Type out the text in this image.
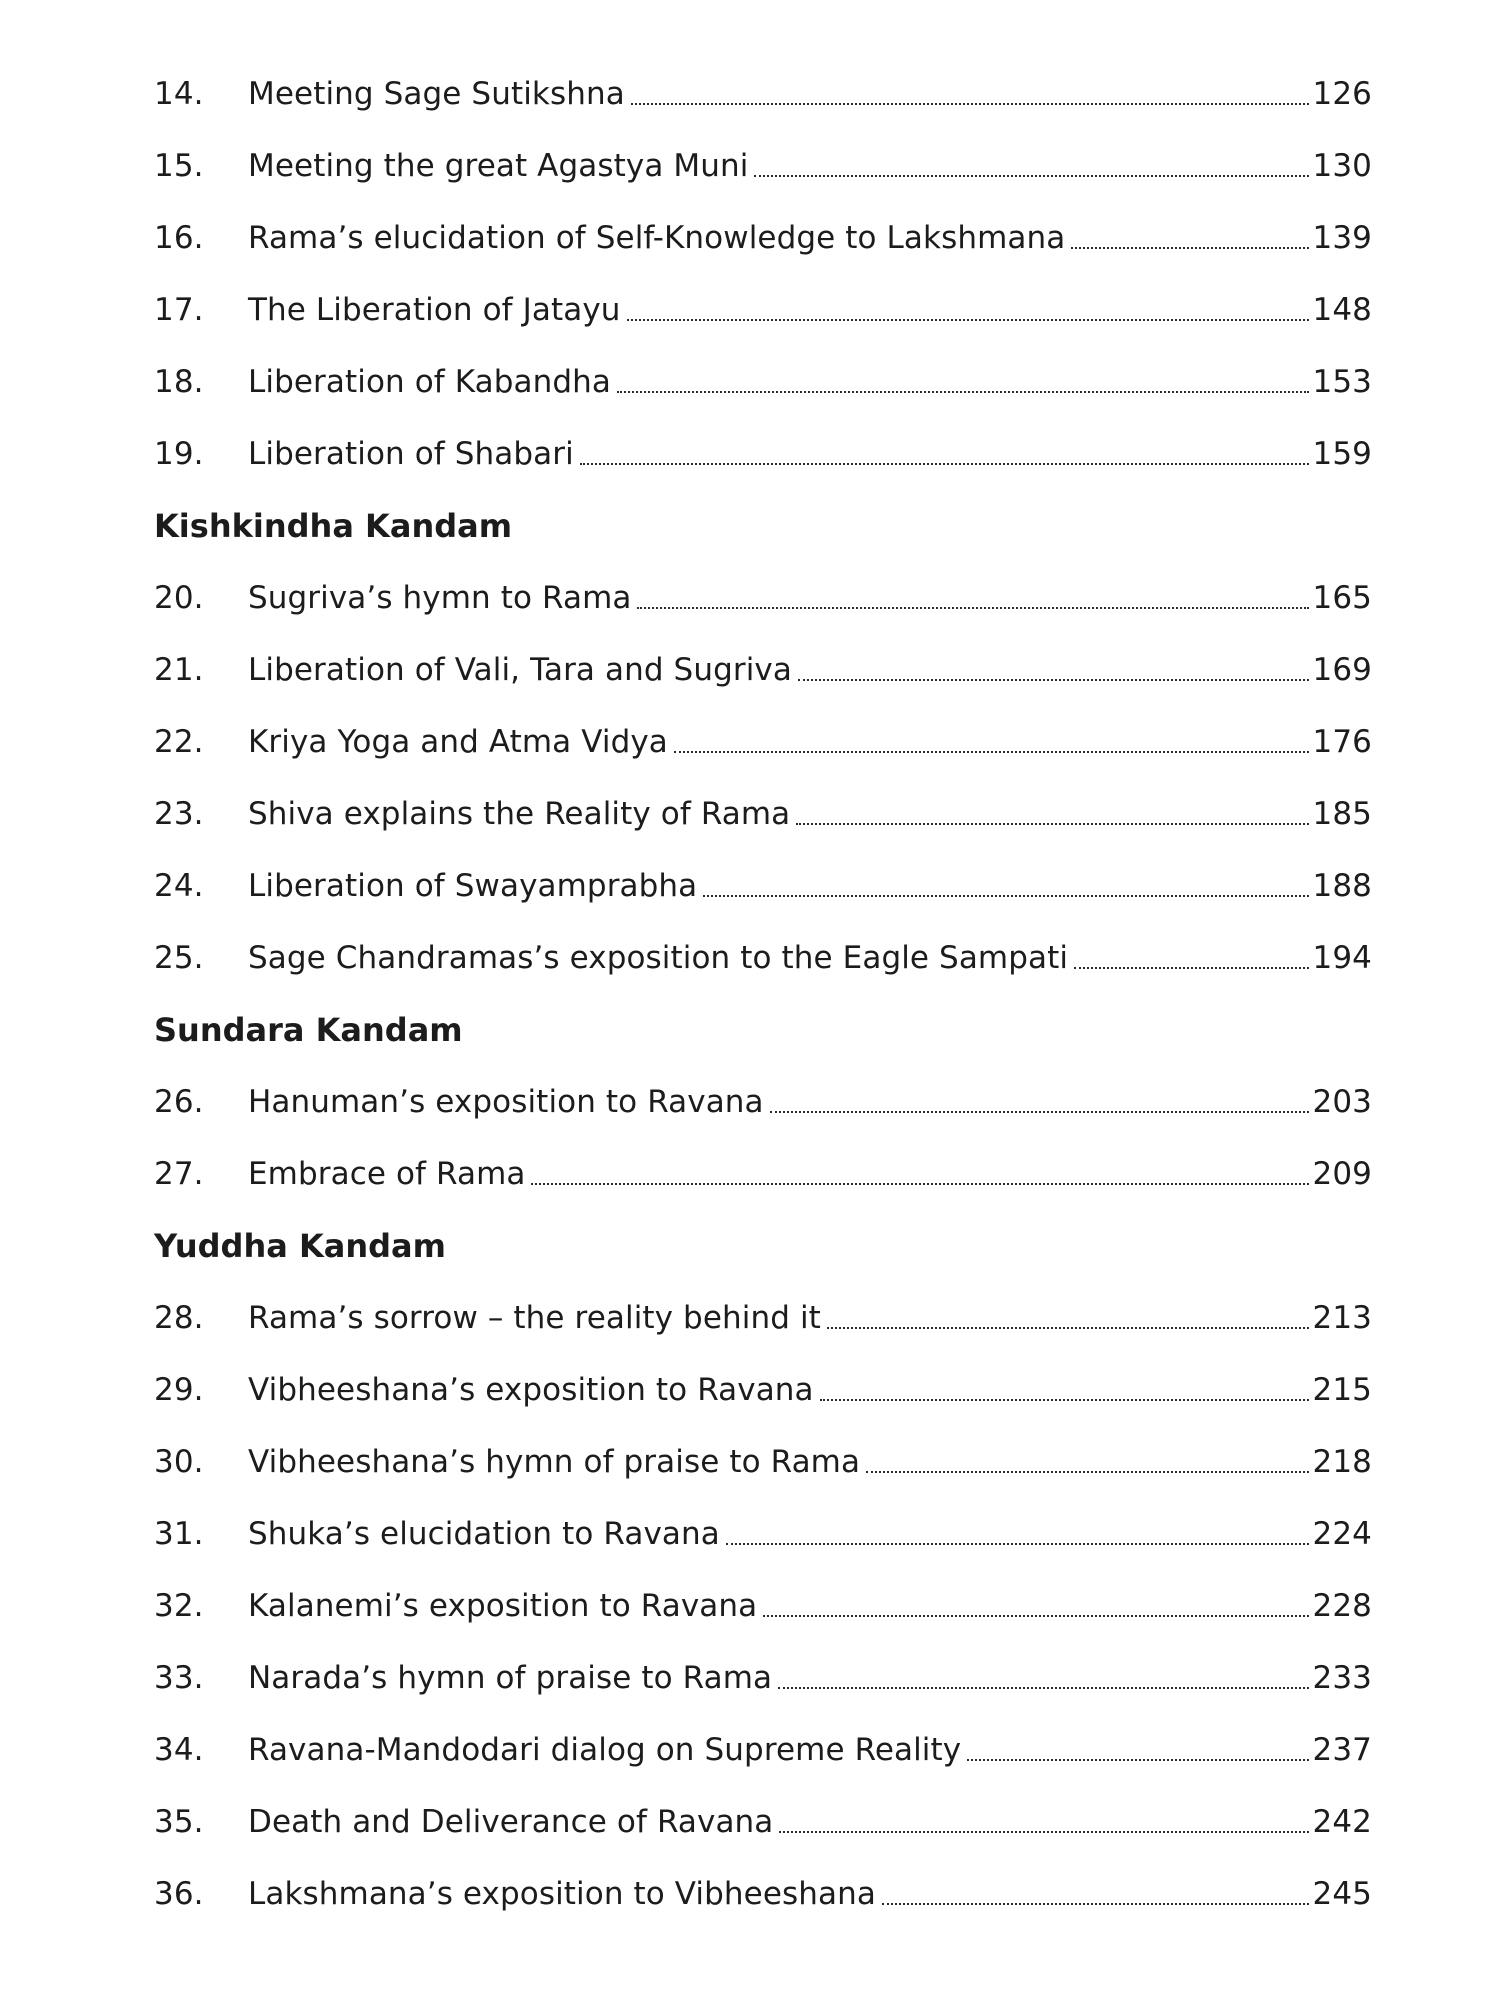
14.	Meeting Sage Sutikshna	126
15.	Meeting the great Agastya Muni	130
16.	Rama’s elucidation of Self-Knowledge to Lakshmana	139
17.	The Liberation of Jatayu	148
18.	Liberation of Kabandha	153
19.	Liberation of Shabari	159
Kishkindha Kandam
20.	Sugriva’s hymn to Rama	165
21.	Liberation of Vali, Tara and Sugriva	169
22.	Kriya Yoga and Atma Vidya	176
23.	Shiva explains the Reality of Rama	185
24.	Liberation of Swayamprabha	188
25.	Sage Chandramas’s exposition to the Eagle Sampati	194
Sundara Kandam
26.	Hanuman’s exposition to Ravana	203
27.	Embrace of Rama	209
Yuddha Kandam
28.	Rama’s sorrow – the reality behind it	213
29.	Vibheeshana’s exposition to Ravana	215
30.	Vibheeshana’s hymn of praise to Rama	218
31.	Shuka’s elucidation to Ravana	224
32.	Kalanemi’s exposition to Ravana	228
33.	Narada’s hymn of praise to Rama	233
34.	Ravana-Mandodari dialog on Supreme Reality	237
35.	Death and Deliverance of Ravana	242
36.	Lakshmana’s exposition to Vibheeshana	245
